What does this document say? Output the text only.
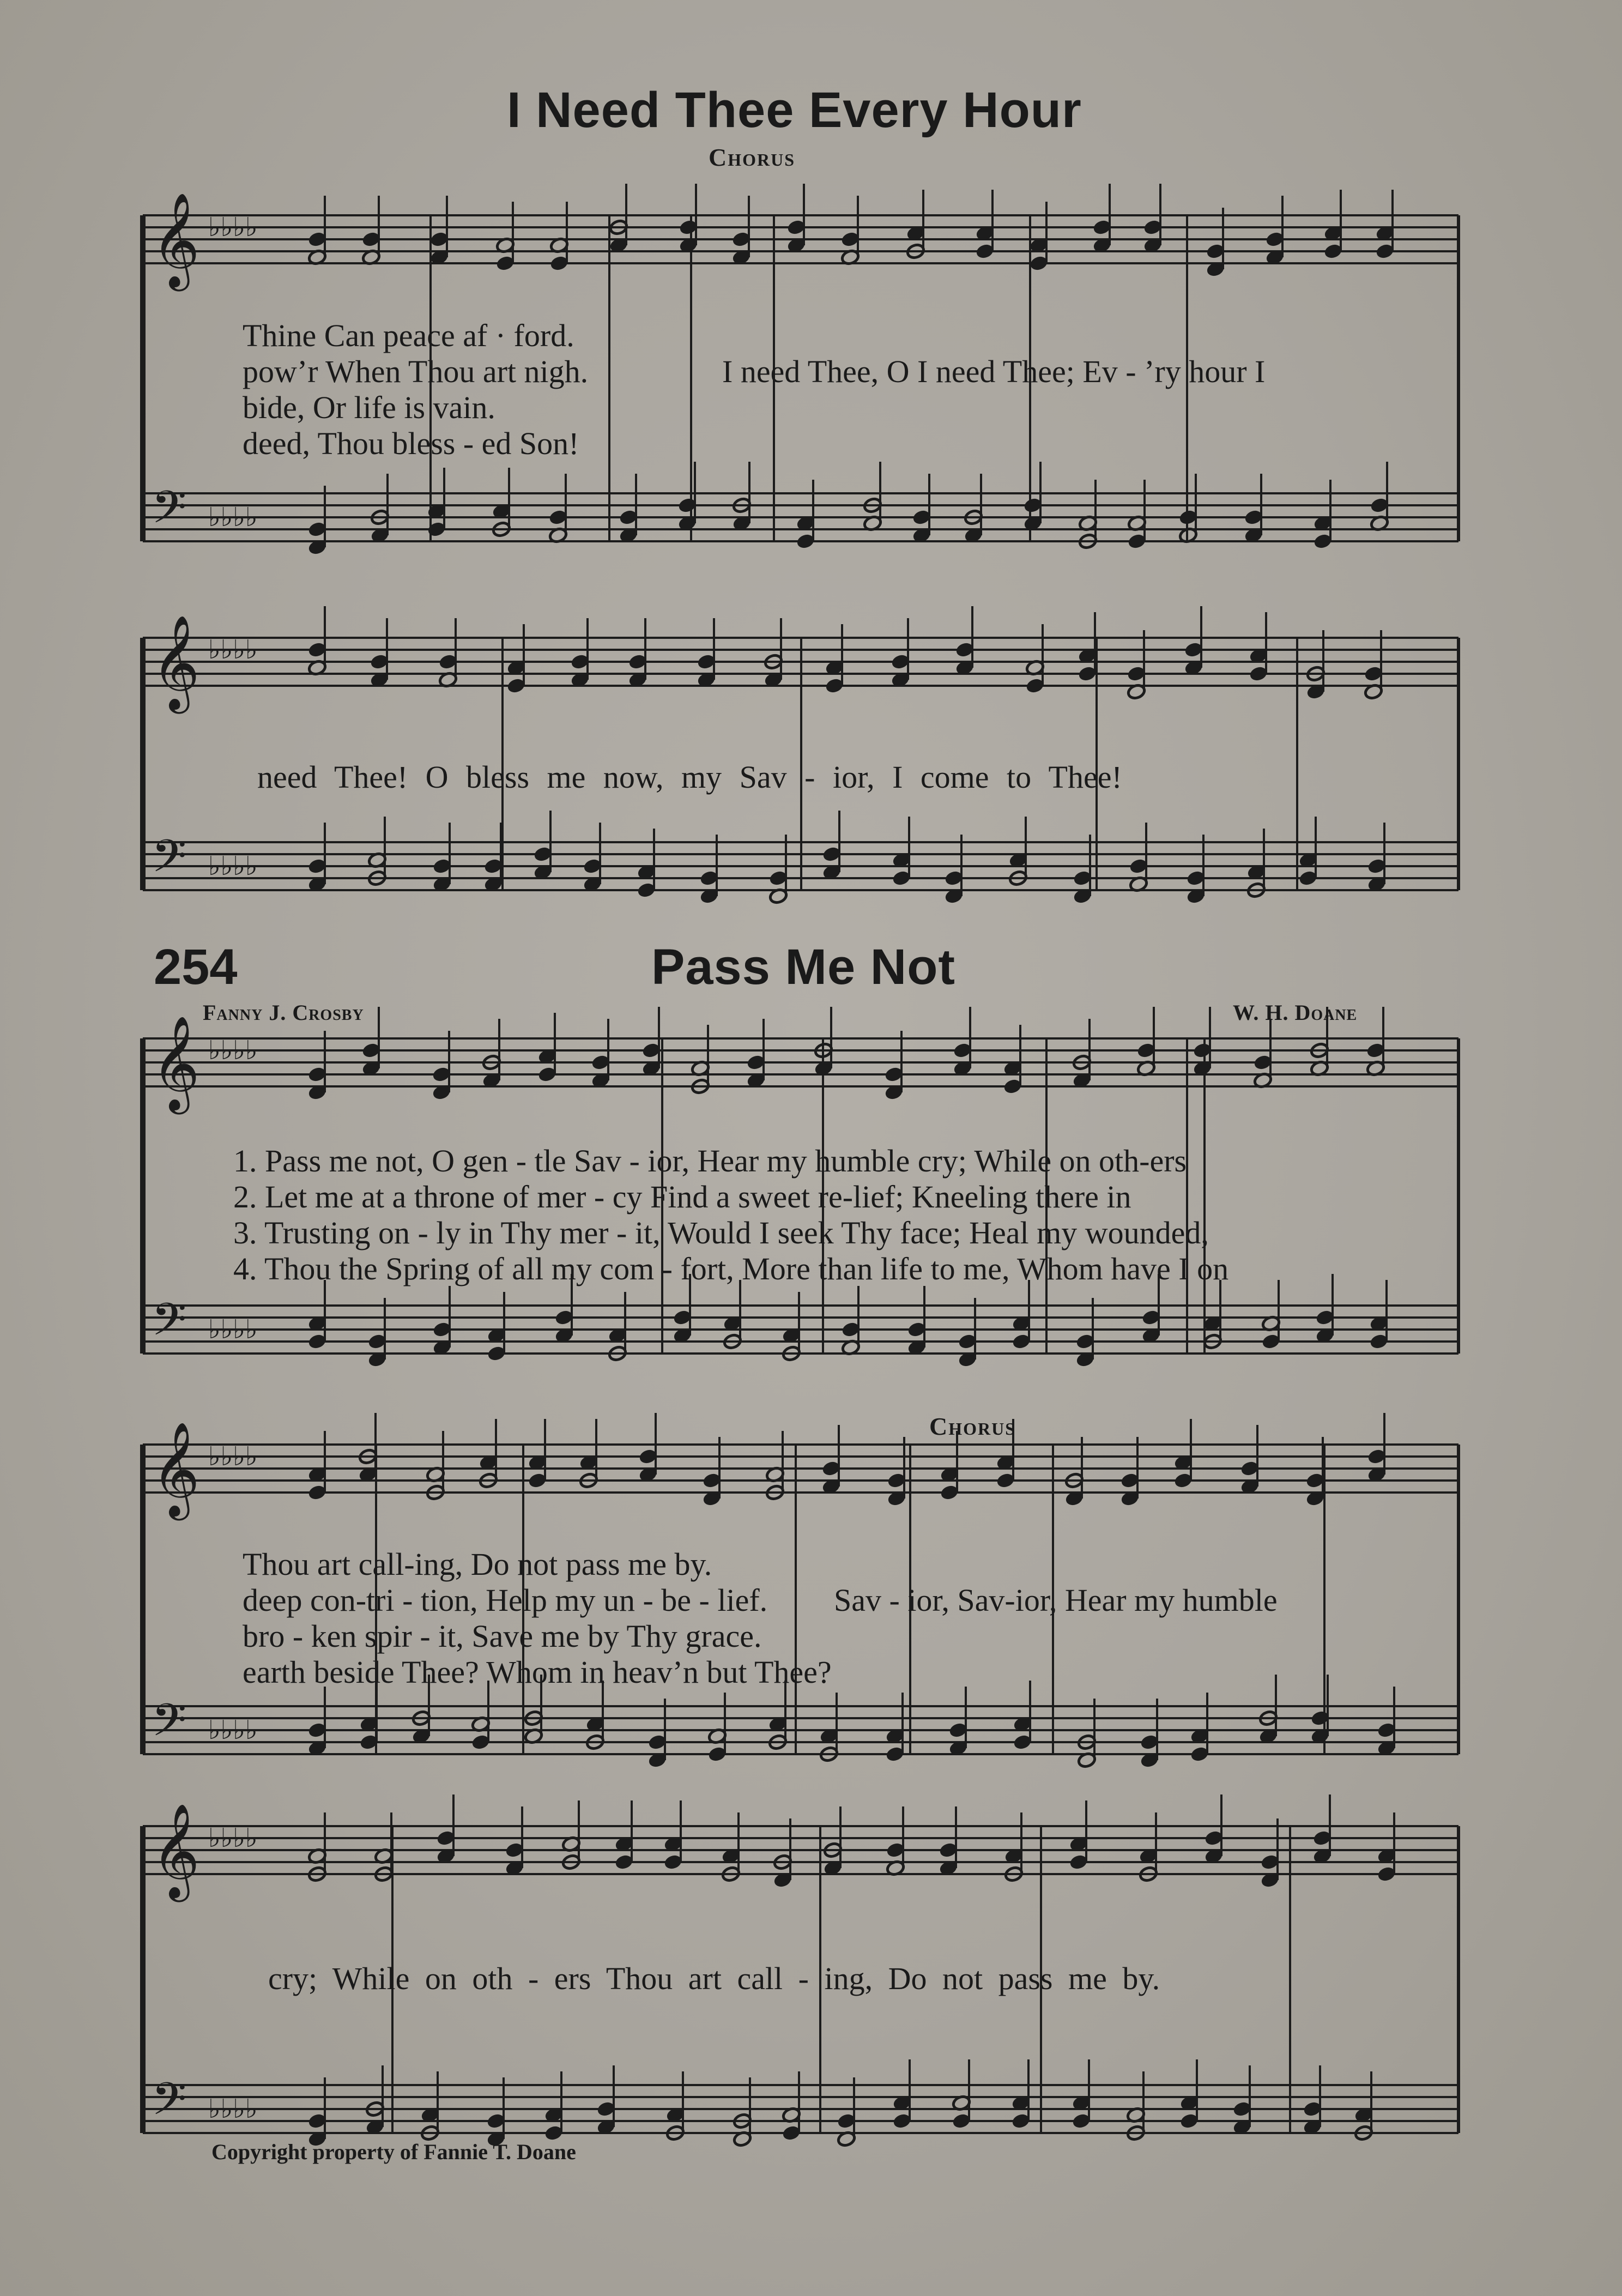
𝄞 ♭♭♭♭
𝄢 ♭♭♭♭
𝄞 ♭♭♭♭
𝄢 ♭♭♭♭
𝄞 ♭♭♭♭
𝄢 ♭♭♭♭
𝄞 ♭♭♭♭
𝄢 ♭♭♭♭
𝄞 ♭♭♭♭
𝄢 ♭♭♭♭
I Need Thee Every Hour
Chorus
Thine Can peace af · ford.
pow’r When Thou art nigh.
bide, Or life is vain.
deed, Thou bless - ed Son!
I need Thee, O I need Thee; Ev - ’ry hour I
need Thee! O bless me now, my Sav - ior, I come to Thee!
254	Pass Me Not
Fanny J. Crosby	W. H. Doane
1. Pass me not, O gen - tle Sav - ior, Hear my humble cry; While on oth-ers
2. Let me at a throne of mer - cy Find a sweet re-lief; Kneeling there in
3. Trusting on - ly in Thy mer - it, Would I seek Thy face; Heal my wounded,
4. Thou the Spring of all my com - fort, More than life to me, Whom have I on
Chorus
Thou art call-ing, Do not pass me by.
deep con-tri - tion, Help my un - be - lief.
bro - ken spir - it, Save me by Thy grace.
earth beside Thee? Whom in heav’n but Thee?
Sav - ior, Sav-ior, Hear my humble
cry; While on oth - ers Thou art call - ing, Do not pass me by.
Copyright property of Fannie T. Doane
